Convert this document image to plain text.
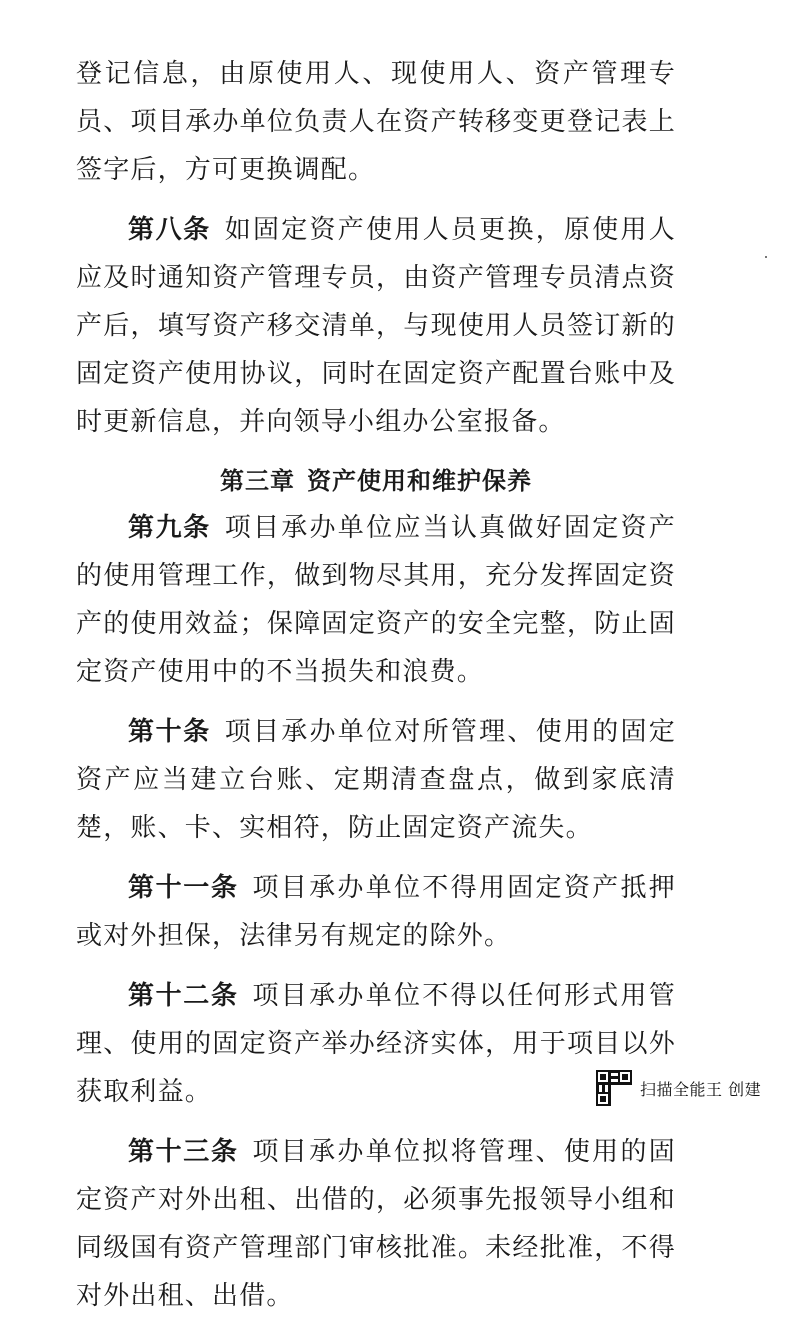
登记信息，由原使用人、现使用人、资产管理专员、项目承办单位负责人在资产转移变更登记表上签字后，方可更换调配。

第八条 如固定资产使用人员更换，原使用人应及时通知资产管理专员，由资产管理专员清点资产后，填写资产移交清单，与现使用人员签订新的固定资产使用协议，同时在固定资产配置台账中及时更新信息，并向领导小组办公室报备。

第三章 资产使用和维护保养

第九条 项目承办单位应当认真做好固定资产的使用管理工作，做到物尽其用，充分发挥固定资产的使用效益；保障固定资产的安全完整，防止固定资产使用中的不当损失和浪费。

第十条 项目承办单位对所管理、使用的固定资产应当建立台账、定期清查盘点，做到家底清楚，账、卡、实相符，防止固定资产流失。

第十一条 项目承办单位不得用固定资产抵押或对外担保，法律另有规定的除外。

第十二条 项目承办单位不得以任何形式用管理、使用的固定资产举办经济实体，用于项目以外获取利益。

第十三条 项目承办单位拟将管理、使用的固定资产对外出租、出借的，必须事先报领导小组和同级国有资产管理部门审核批准。未经批准，不得对外出租、出借。

扫描全能王 创建
